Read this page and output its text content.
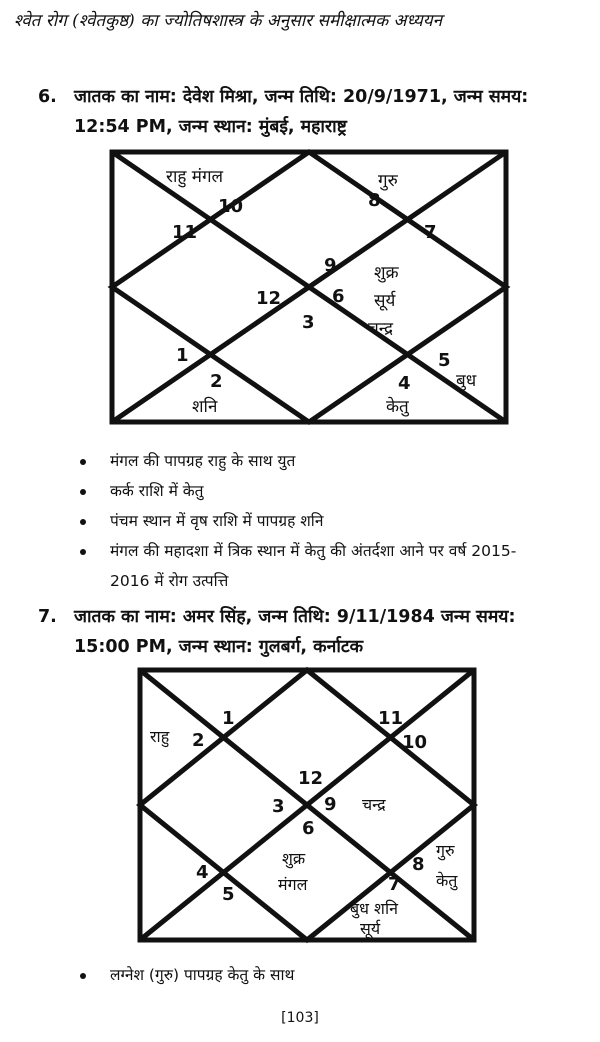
श्वेत रोग (श्वेतकुष्ठ) का ज्योतिषशास्त्र के अनुसार समीक्षात्मक अध्ययन
6. जातक का नाम: देवेश मिश्रा, जन्म तिथि: 20/9/1971, जन्म समय:
12:54 PM, जन्म स्थान: मुंबई, महाराष्ट्र
9
10
11
12
1
2
3
4
5
6
7
8
राहु मंगल	गुरु
शुक्र
सूर्य
चन्द्र
शनि	केतु
बुध
मंगल की पापग्रह राहु के साथ युत
कर्क राशि में केतु
पंचम स्थान में वृष राशि में पापग्रह शनि
मंगल की महादशा में त्रिक स्थान में केतु की अंतर्दशा आने पर वर्ष 2015-
2016 में रोग उत्पत्ति
7. जातक का नाम: अमर सिंह, जन्म तिथि: 9/11/1984 जन्म समय:
15:00 PM, जन्म स्थान: गुलबर्ग, कर्नाटक
12
1
2
3
4
5
6
7
8
9
10
11
राहु
चन्द्र
शुक्र
मंगल
गुरु
केतु
बुध शनि
सूर्य
लग्नेश (गुरु) पापग्रह केतु के साथ
[103]
